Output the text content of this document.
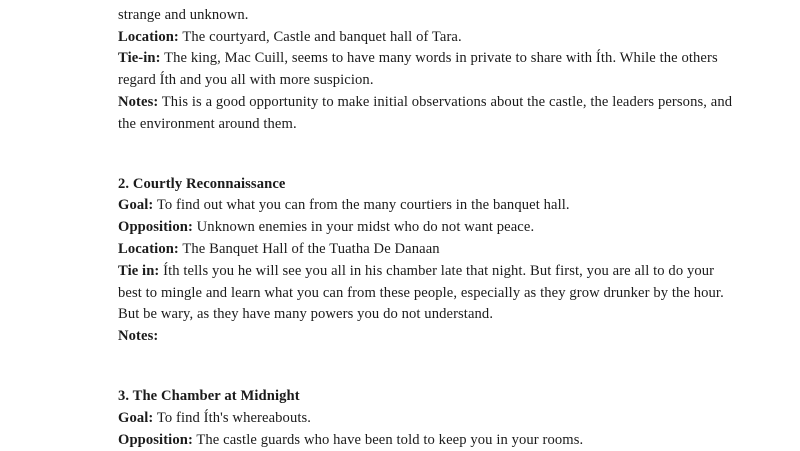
strange and unknown.
Location: The courtyard, Castle and banquet hall of Tara.
Tie-in: The king, Mac Cuill, seems to have many words in private to share with Íth. While the others
regard Íth and you all with more suspicion.
Notes: This is a good opportunity to make initial observations about the castle, the leaders persons, and
the environment around them.
2. Courtly Reconnaissance
Goal: To find out what you can from the many courtiers in the banquet hall.
Opposition: Unknown enemies in your midst who do not want peace.
Location: The Banquet Hall of the Tuatha De Danaan
Tie in: Íth tells you he will see you all in his chamber late that night. But first, you are all to do your
best to mingle and learn what you can from these people, especially as they grow drunker by the hour.
But be wary, as they have many powers you do not understand.
Notes:
3. The Chamber at Midnight
Goal: To find Íth's whereabouts.
Opposition: The castle guards who have been told to keep you in your rooms.
